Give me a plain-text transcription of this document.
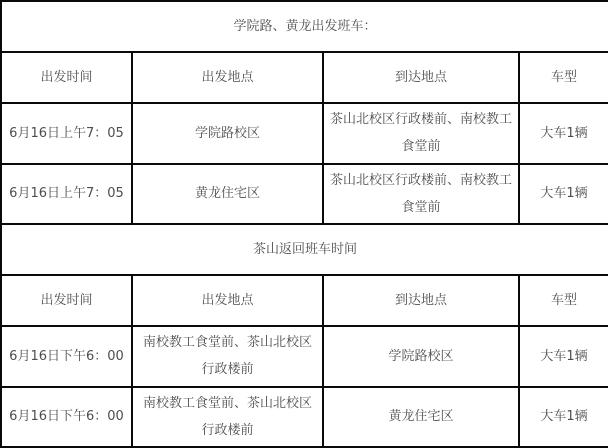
学院路、黄龙出发班车：			
出发时间	出发地点	到达地点	车型
6月16日上午7：05	学院路校区	茶山北校区行政楼前、南校教工食堂前	大车1辆
6月16日上午7：05	黄龙住宅区	茶山北校区行政楼前、南校教工食堂前	大车1辆
茶山返回班车时间			
出发时间	出发地点	到达地点	车型
6月16日下午6：00	南校教工食堂前、茶山北校区行政楼前	学院路校区	大车1辆
6月16日下午6：00	南校教工食堂前、茶山北校区行政楼前	黄龙住宅区	大车1辆
